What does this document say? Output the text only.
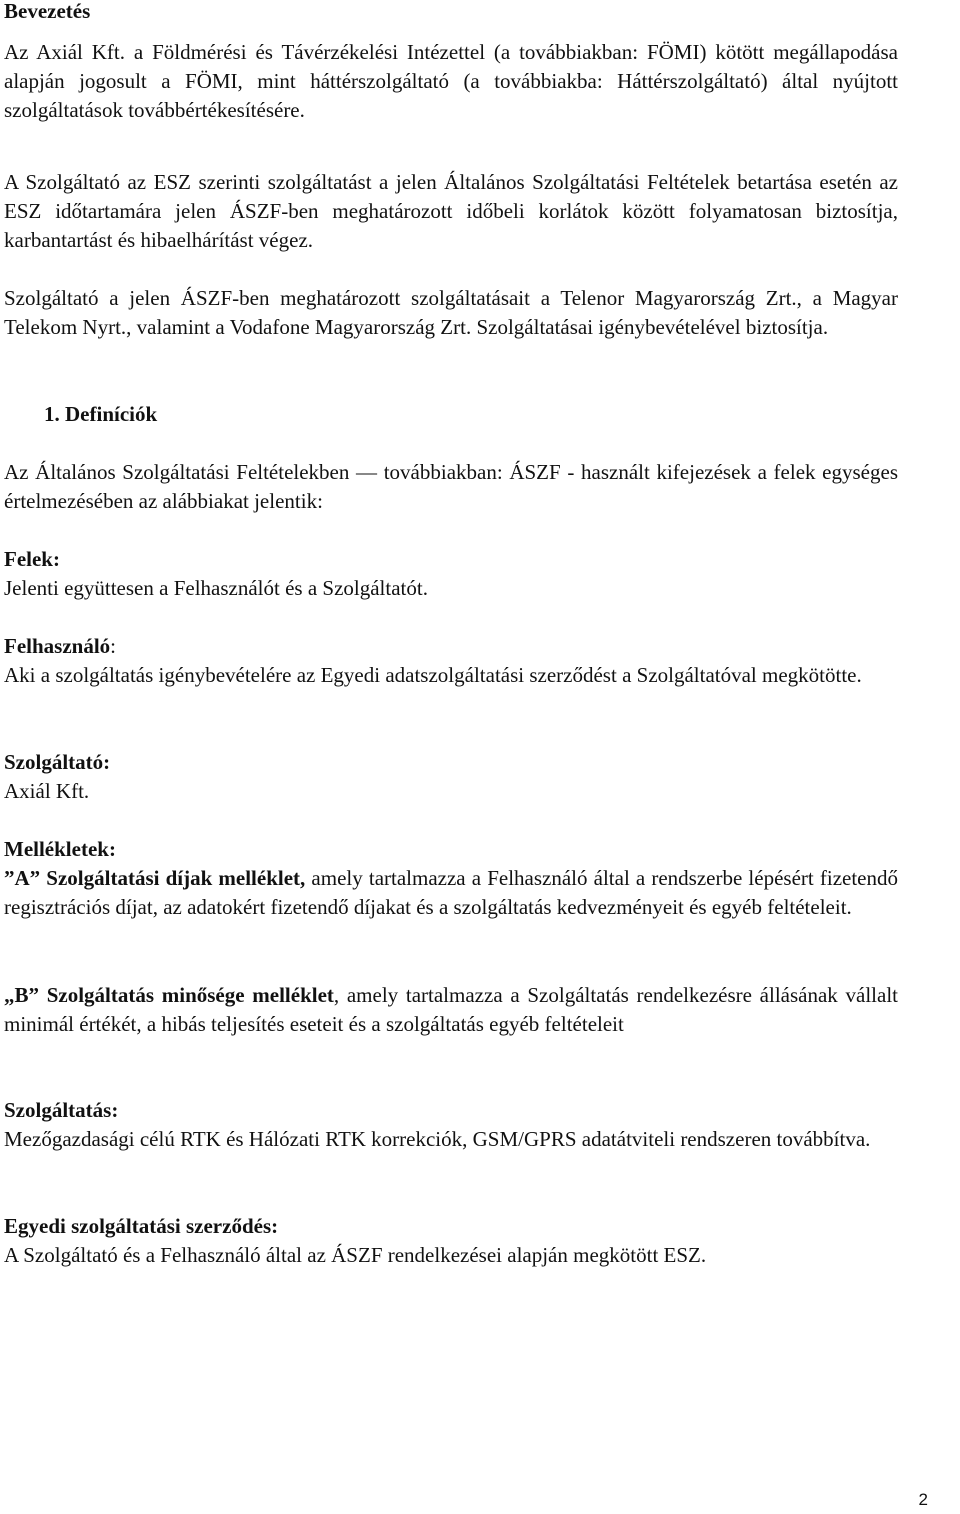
Bevezetés

Az Axiál Kft. a Földmérési és Távérzékelési Intézettel (a továbbiakban: FÖMI) kötött megállapodása alapján jogosult a FÖMI, mint háttérszolgáltató (a továbbiakba: Háttérszolgáltató) által nyújtott szolgáltatások továbbértékesítésére.

A Szolgáltató az ESZ szerinti szolgáltatást a jelen Általános Szolgáltatási Feltételek betartása esetén az ESZ időtartamára jelen ÁSZF-ben meghatározott időbeli korlátok között folyamatosan biztosítja, karbantartást és hibaelhárítást végez.

Szolgáltató a jelen ÁSZF-ben meghatározott szolgáltatásait a Telenor Magyarország Zrt., a Magyar Telekom Nyrt., valamint a Vodafone Magyarország Zrt. Szolgáltatásai igénybevételével biztosítja.

1. Definíciók

Az Általános Szolgáltatási Feltételekben ― továbbiakban: ÁSZF - használt kifejezések a felek egységes értelmezésében az alábbiakat jelentik:

Felek:

Jelenti együttesen a Felhasználót és a Szolgáltatót.

Felhasználó:

Aki a szolgáltatás igénybevételére az Egyedi adatszolgáltatási szerződést a Szolgáltatóval megkötötte.

Szolgáltató:

Axiál Kft.

Mellékletek:

”A” Szolgáltatási díjak melléklet, amely tartalmazza a Felhasználó által a rendszerbe lépésért fizetendő regisztrációs díjat, az adatokért fizetendő díjakat és a szolgáltatás kedvezményeit és egyéb feltételeit.

„B” Szolgáltatás minősége melléklet, amely tartalmazza a Szolgáltatás rendelkezésre állásának vállalt minimál értékét, a hibás teljesítés eseteit és a szolgáltatás egyéb feltételeit

Szolgáltatás:

Mezőgazdasági célú RTK és Hálózati RTK korrekciók, GSM/GPRS adatátviteli rendszeren továbbítva.

Egyedi szolgáltatási szerződés:

A Szolgáltató és a Felhasználó által az ÁSZF rendelkezései alapján megkötött ESZ.

2
